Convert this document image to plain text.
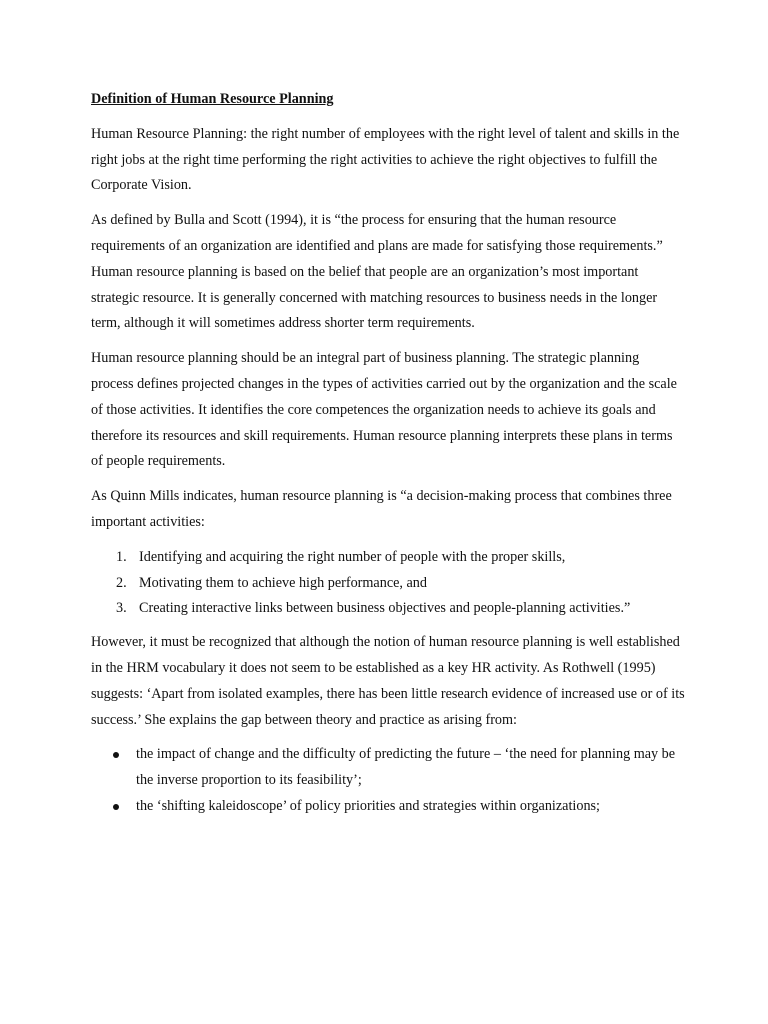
Definition of Human Resource Planning

Human Resource Planning: the right number of employees with the right level of talent and skills in the right jobs at the right time performing the right activities to achieve the right objectives to fulfill the Corporate Vision.

As defined by Bulla and Scott (1994), it is “the process for ensuring that the human resource requirements of an organization are identified and plans are made for satisfying those requirements.” Human resource planning is based on the belief that people are an organization’s most important strategic resource. It is generally concerned with matching resources to business needs in the longer term, although it will sometimes address shorter term requirements.

Human resource planning should be an integral part of business planning. The strategic planning process defines projected changes in the types of activities carried out by the organization and the scale of those activities. It identifies the core competences the organization needs to achieve its goals and therefore its resources and skill requirements. Human resource planning interprets these plans in terms of people requirements.

As Quinn Mills indicates, human resource planning is “a decision-making process that combines three important activities:

1. Identifying and acquiring the right number of people with the proper skills,
2. Motivating them to achieve high performance, and
3. Creating interactive links between business objectives and people-planning activities.”

However, it must be recognized that although the notion of human resource planning is well established in the HRM vocabulary it does not seem to be established as a key HR activity. As Rothwell (1995) suggests: ‘Apart from isolated examples, there has been little research evidence of increased use or of its success.’ She explains the gap between theory and practice as arising from:

the impact of change and the difficulty of predicting the future – ‘the need for planning may be the inverse proportion to its feasibility’;
the ‘shifting kaleidoscope’ of policy priorities and strategies within organizations;
